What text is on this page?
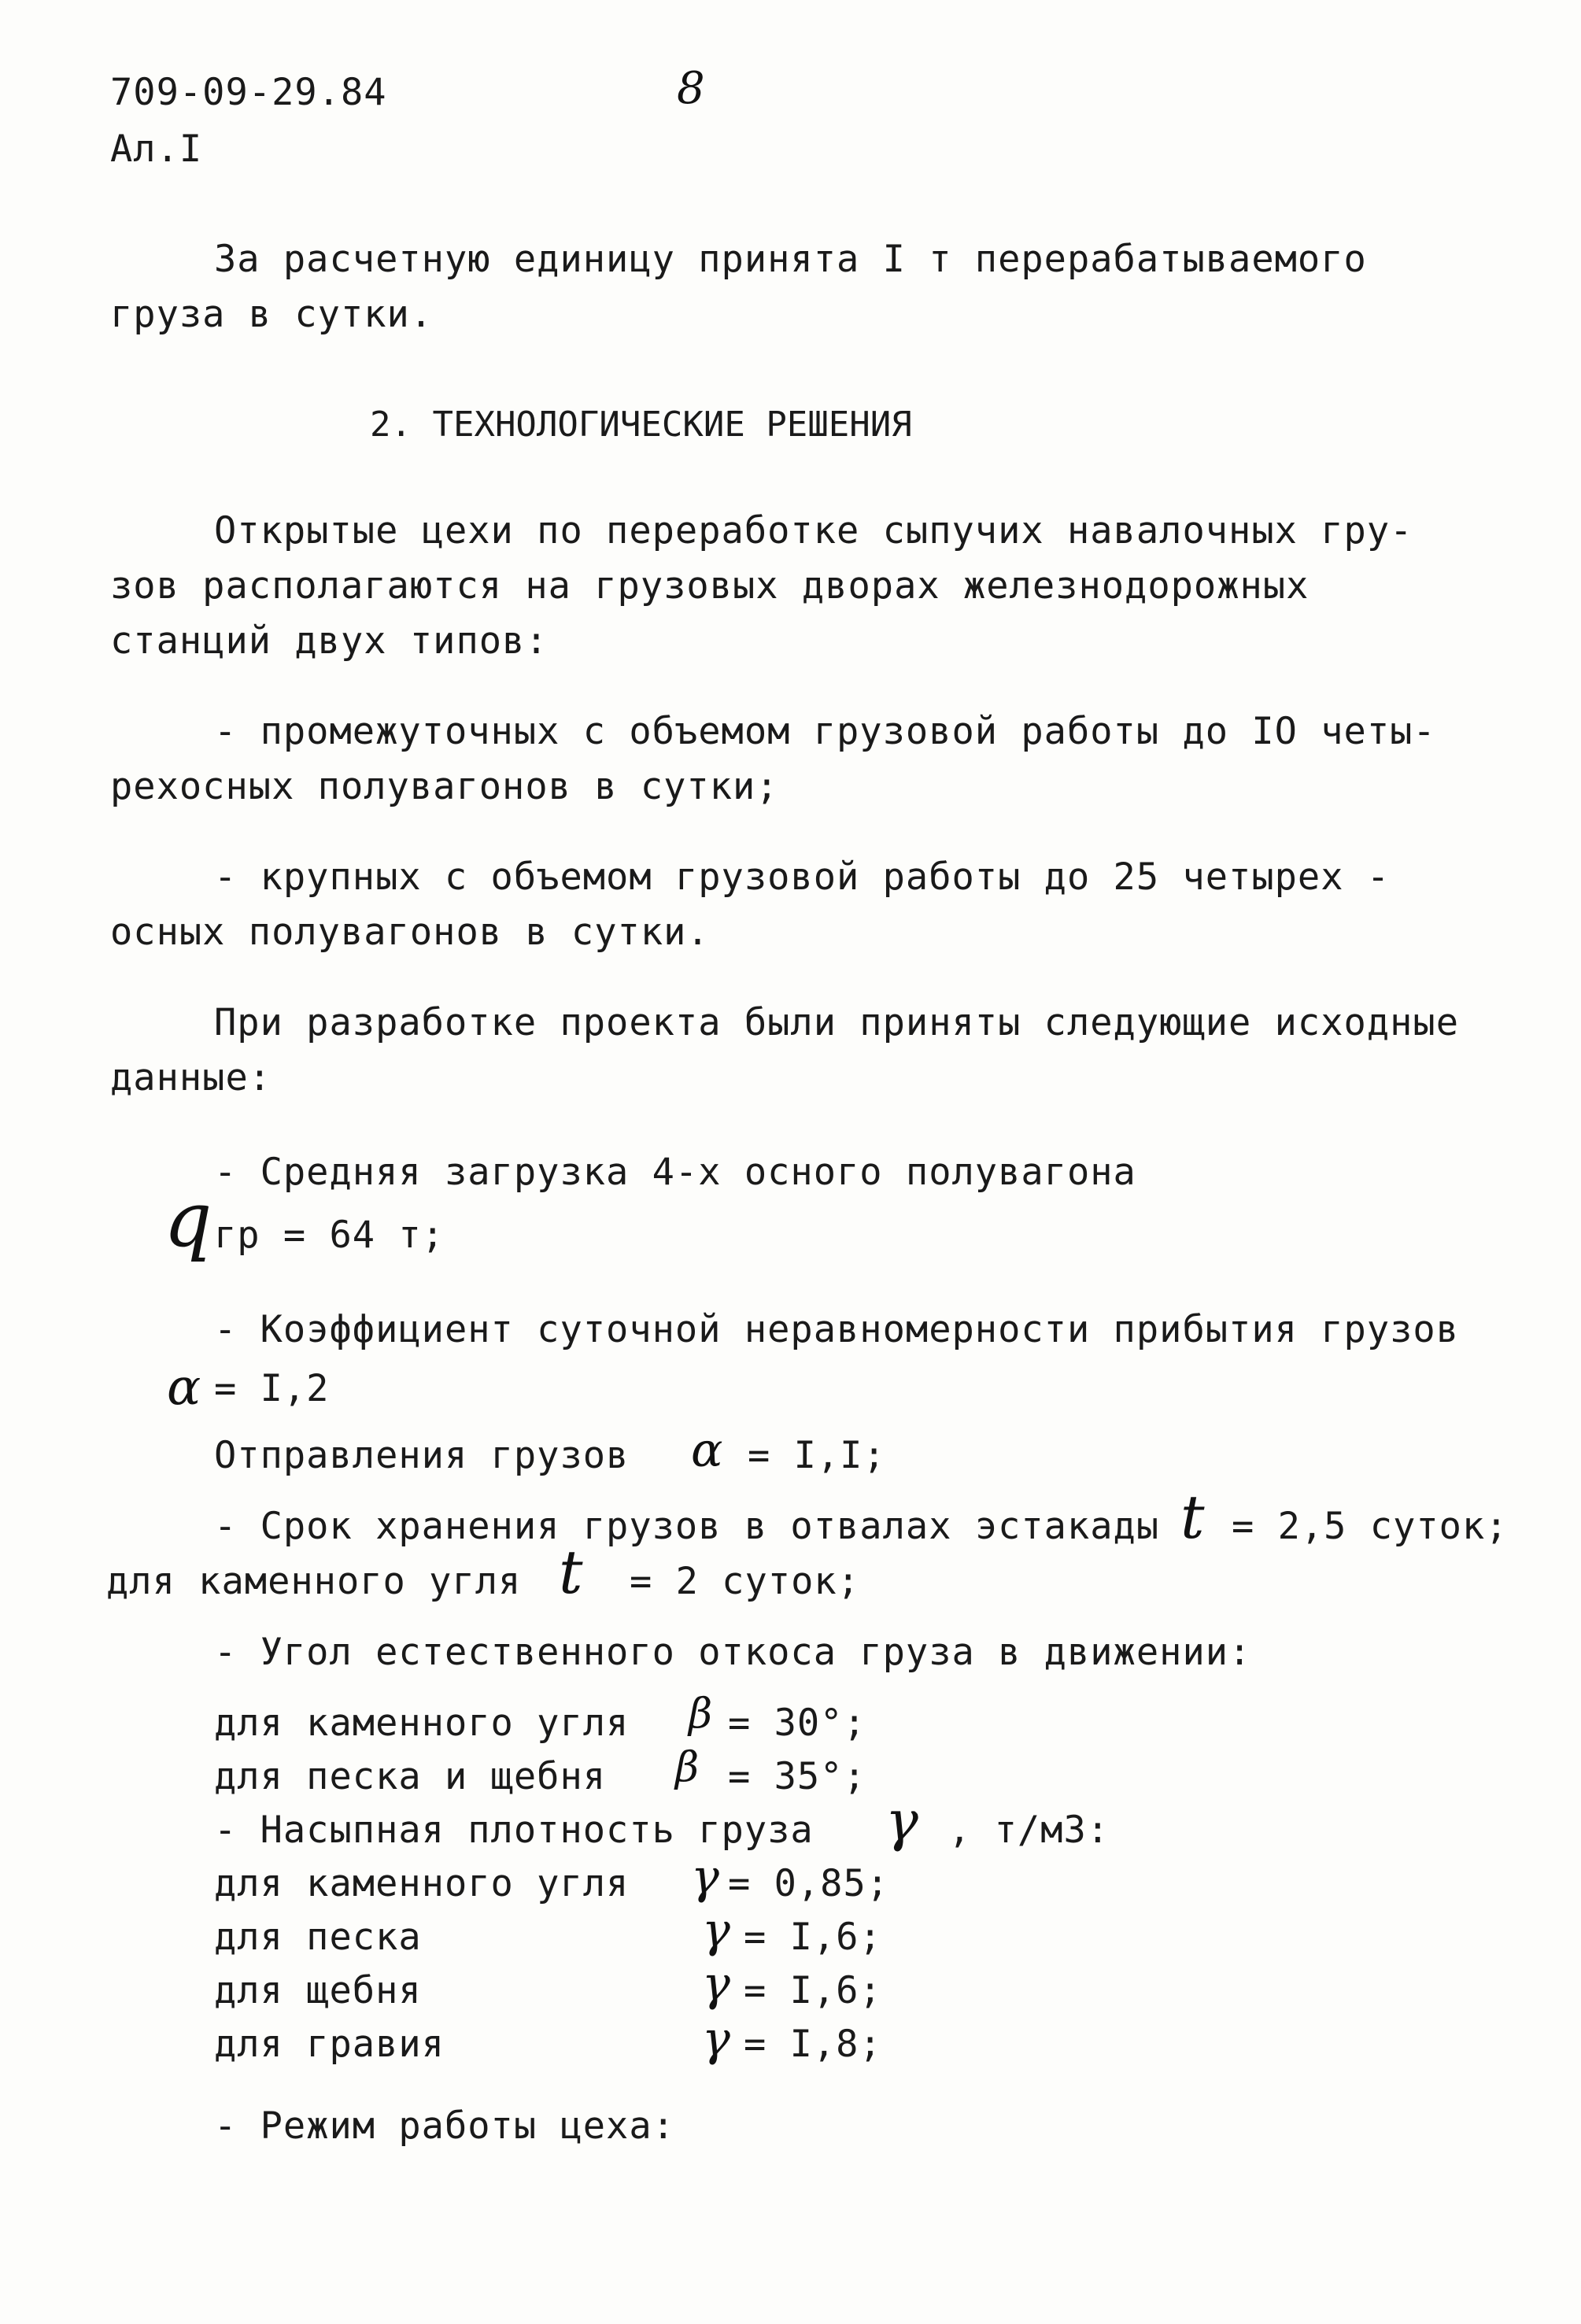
709-09-29.84	8
Ал.I
За расчетную единицу принята I т перерабатываемого
груза в сутки.
2. ТЕХНОЛОГИЧЕСКИЕ РЕШЕНИЯ
Открытые цехи по переработке сыпучих навалочных гру-
зов располагаются на грузовых дворах железнодорожных
станций двух типов:
- промежуточных с объемом грузовой работы до IO четы-
рехосных полувагонов в сутки;
- крупных с объемом грузовой работы до 25 четырех -
осных полувагонов в сутки.
При разработке проекта были приняты следующие исходные
данные:
- Средняя загрузка 4-х осного полувагона
q гр = 64 т;
- Коэффициент суточной неравномерности прибытия грузов
α = I,2
Отправления грузов α = I,I;
- Срок хранения грузов в отвалах эстакады t = 2,5 суток;
для каменного угля t = 2 суток;
- Угол естественного откоса груза в движении:
для каменного угля β = 30°;
для песка и щебня β = 35°;
- Насыпная плотность груза γ , т/м3:
для каменного угля γ = 0,85;
для песка	γ = I,6;
для щебня	γ = I,6;
для гравия	γ = I,8;
- Режим работы цеха:
